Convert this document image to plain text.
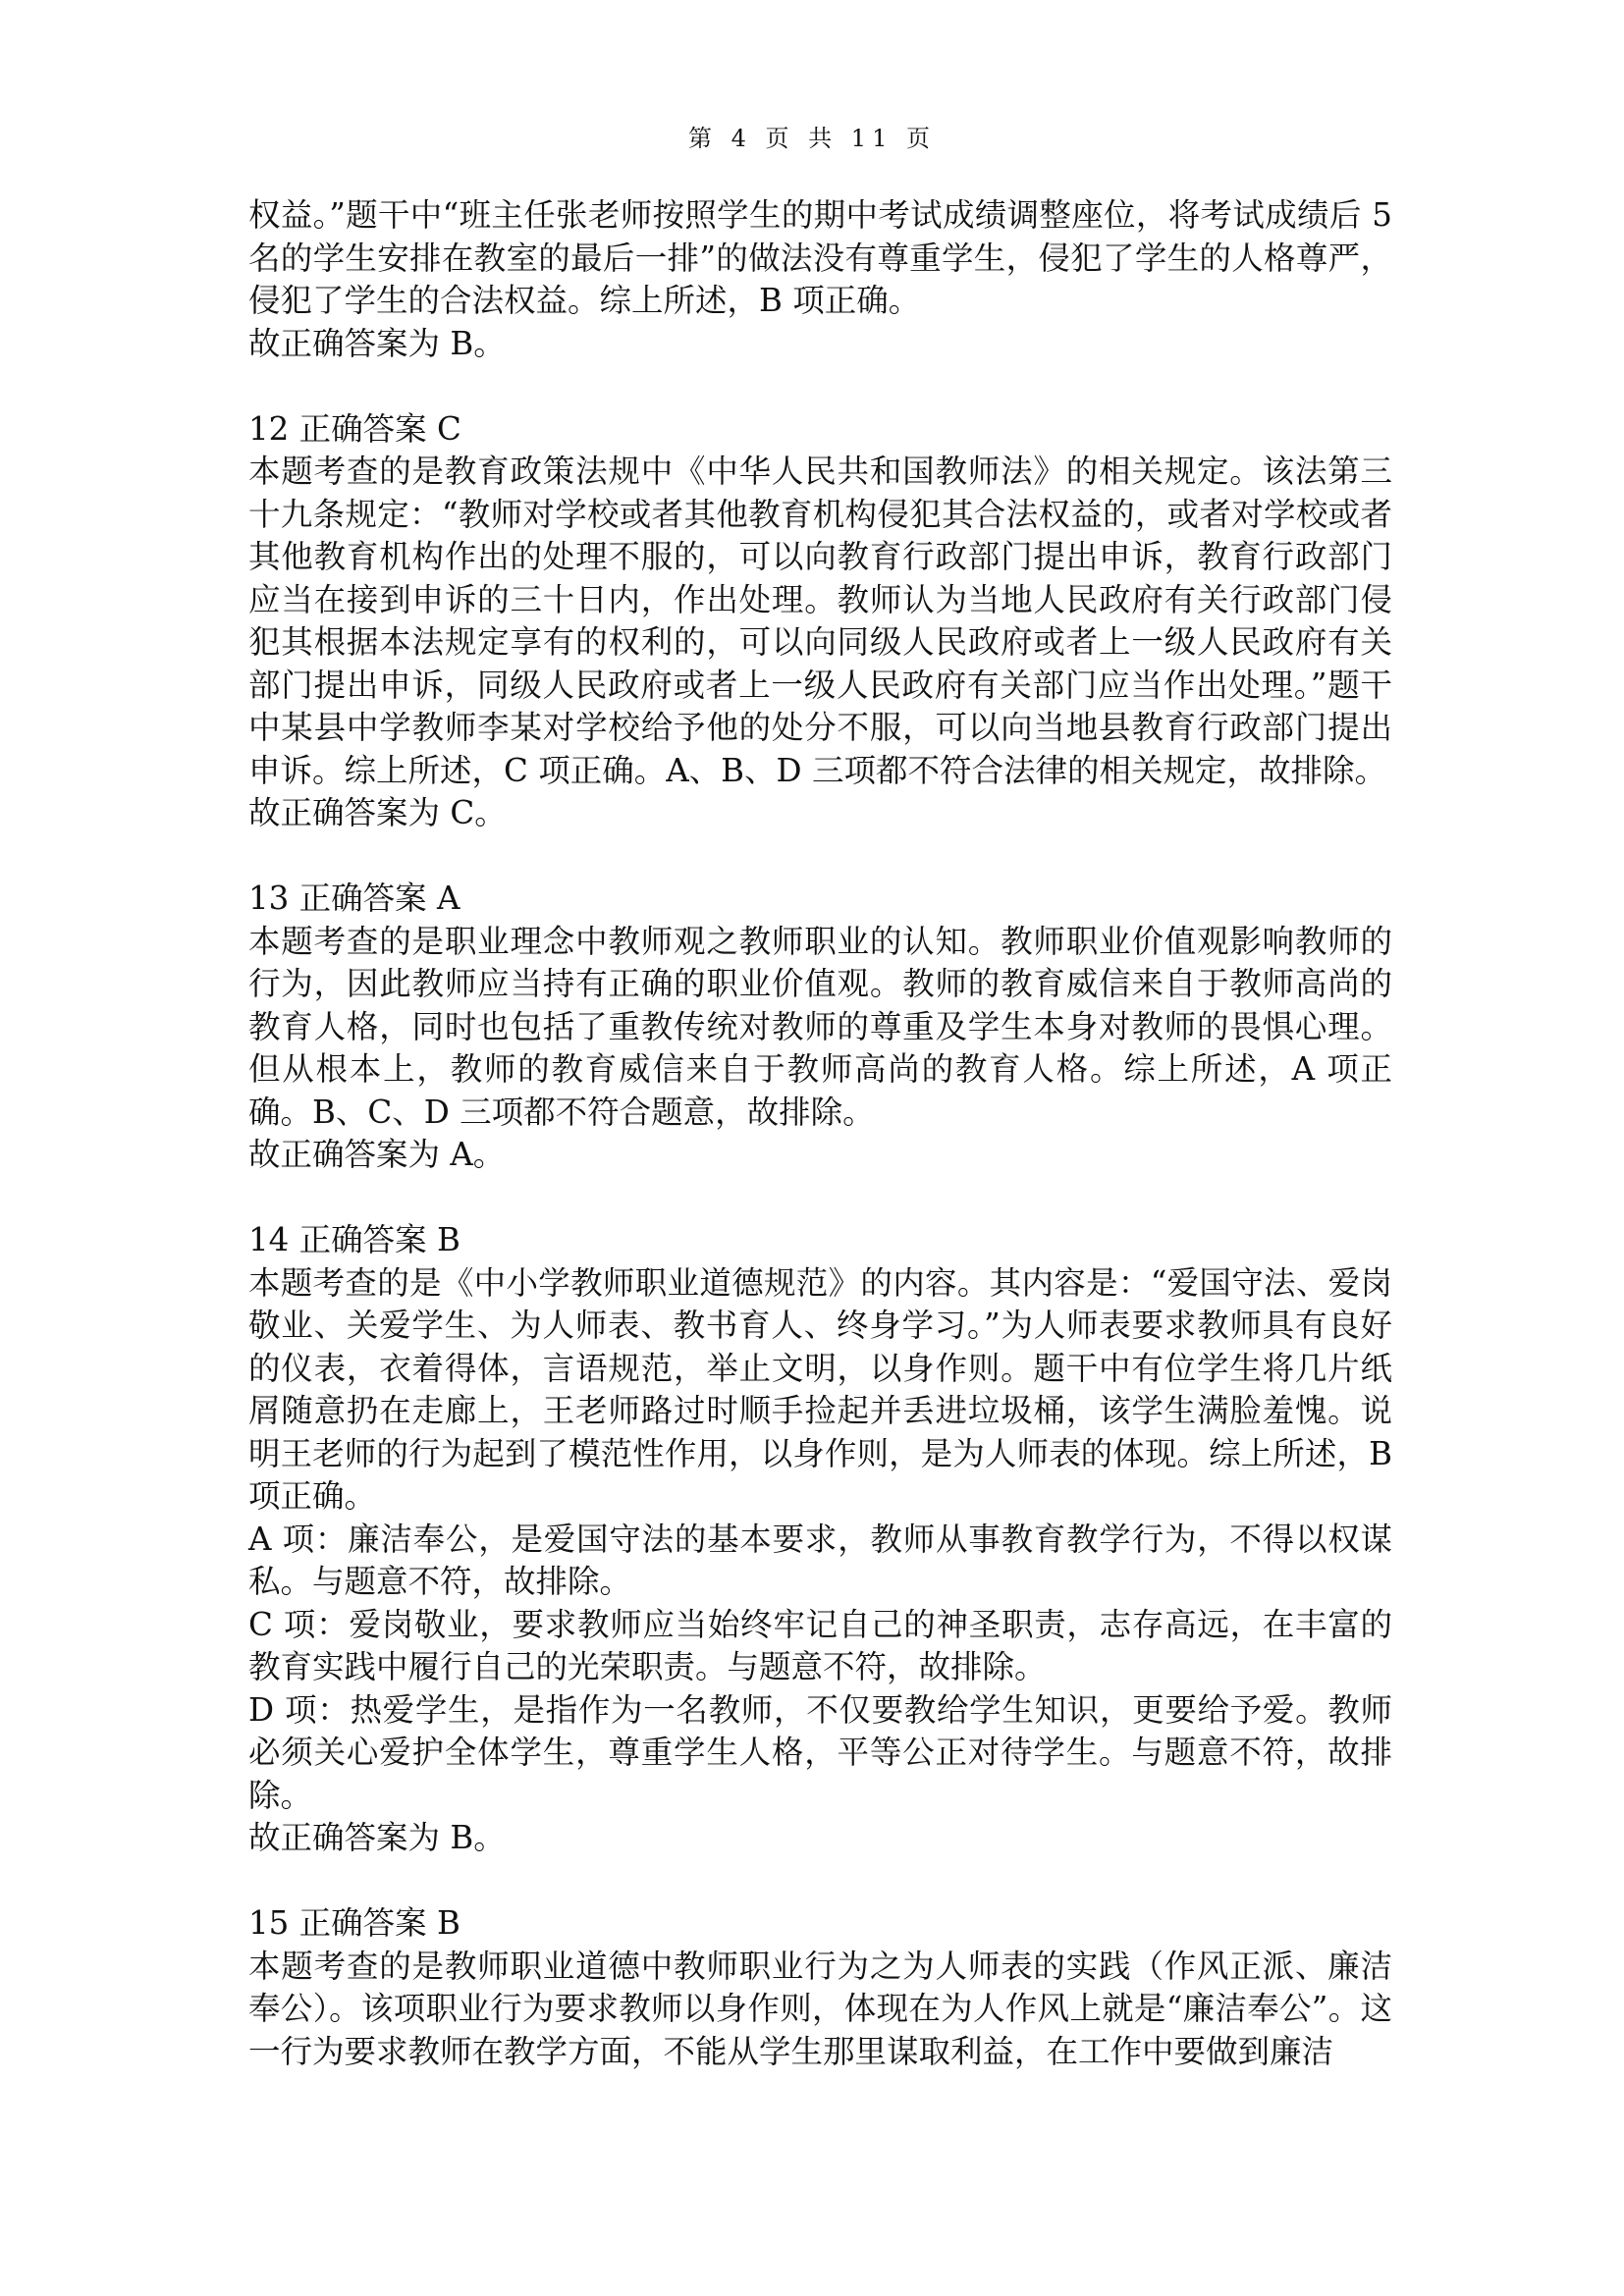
第 4 页 共 11 页

权益。”题干中“班主任张老师按照学生的期中考试成绩调整座位，将考试成绩后 5 名的学生安排在教室的最后一排”的做法没有尊重学生，侵犯了学生的人格尊严，侵犯了学生的合法权益。综上所述，B 项正确。

故正确答案为 B。

12 正确答案 C

本题考查的是教育政策法规中《中华人民共和国教师法》的相关规定。该法第三十九条规定：“教师对学校或者其他教育机构侵犯其合法权益的，或者对学校或者其他教育机构作出的处理不服的，可以向教育行政部门提出申诉，教育行政部门应当在接到申诉的三十日内，作出处理。教师认为当地人民政府有关行政部门侵犯其根据本法规定享有的权利的，可以向同级人民政府或者上一级人民政府有关部门提出申诉，同级人民政府或者上一级人民政府有关部门应当作出处理。”题干中某县中学教师李某对学校给予他的处分不服，可以向当地县教育行政部门提出申诉。综上所述，C 项正确。A、B、D 三项都不符合法律的相关规定，故排除。

故正确答案为 C。

13 正确答案 A

本题考查的是职业理念中教师观之教师职业的认知。教师职业价值观影响教师的行为，因此教师应当持有正确的职业价值观。教师的教育威信来自于教师高尚的教育人格，同时也包括了重教传统对教师的尊重及学生本身对教师的畏惧心理。但从根本上，教师的教育威信来自于教师高尚的教育人格。综上所述，A 项正确。B、C、D 三项都不符合题意，故排除。

故正确答案为 A。

14 正确答案 B

本题考查的是《中小学教师职业道德规范》的内容。其内容是：“爱国守法、爱岗敬业、关爱学生、为人师表、教书育人、终身学习。”为人师表要求教师具有良好的仪表，衣着得体，言语规范，举止文明，以身作则。题干中有位学生将几片纸屑随意扔在走廊上，王老师路过时顺手捡起并丢进垃圾桶，该学生满脸羞愧。说明王老师的行为起到了模范性作用，以身作则，是为人师表的体现。综上所述，B 项正确。

A 项：廉洁奉公，是爱国守法的基本要求，教师从事教育教学行为，不得以权谋私。与题意不符，故排除。

C 项：爱岗敬业，要求教师应当始终牢记自己的神圣职责，志存高远，在丰富的教育实践中履行自己的光荣职责。与题意不符，故排除。

D 项：热爱学生，是指作为一名教师，不仅要教给学生知识，更要给予爱。教师必须关心爱护全体学生，尊重学生人格，平等公正对待学生。与题意不符，故排除。

故正确答案为 B。

15 正确答案 B

本题考查的是教师职业道德中教师职业行为之为人师表的实践（作风正派、廉洁奉公）。该项职业行为要求教师以身作则，体现在为人作风上就是“廉洁奉公”。这一行为要求教师在教学方面，不能从学生那里谋取利益，在工作中要做到廉洁
